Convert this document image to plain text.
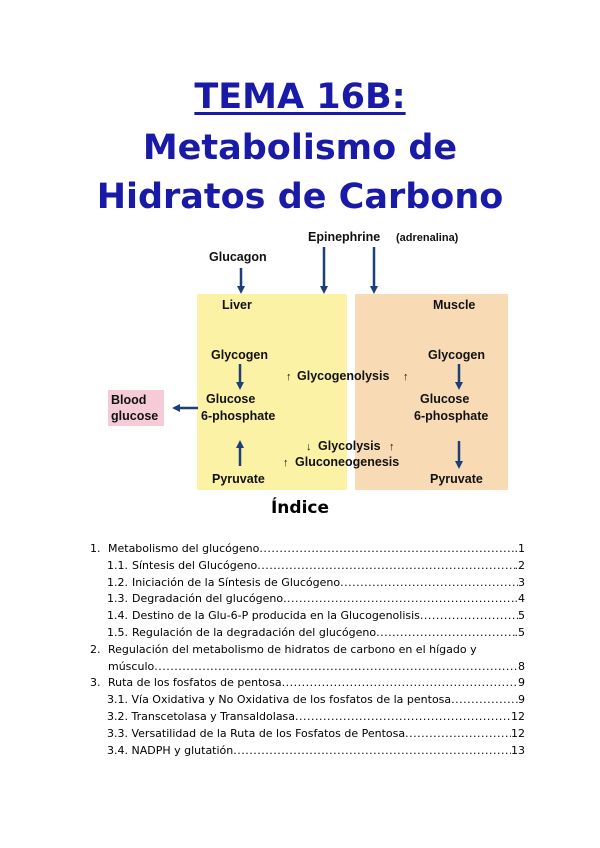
TEMA 16B:
Metabolismo de
Hidratos de Carbono
Epinephrine (adrenalina)
Glucagon
Liver	Muscle
Glycogen	Glycogen
↑ Glycogenolysis ↑
Glucose
6-phosphate
Glucose
6-phosphate
Blood
glucose
↓ Glycolysis ↑
↑ Gluconeogenesis
Pyruvate	Pyruvate
Índice
1. Metabolismo del glucógeno .....	.1
1.1. Síntesis del Glucógeno .....	.2
1.2. Iniciación de la Síntesis de Glucógeno .....	3
1.3. Degradación del glucógeno .....	..4
1.4. Destino de la Glu-6-P producida en la Glucogenolisis .....	5
1.5. Regulación de la degradación del glucógeno .....	.5
2. Regulación del metabolismo de hidratos de carbono en el hígado y
músculo .....	8
3. Ruta de los fosfatos de pentosa .....	9
3.1. Vía Oxidativa y No Oxidativa de los fosfatos de la pentosa .....	9
3.2. Transcetolasa y Transaldolasa .....	12
3.3. Versatilidad de la Ruta de los Fosfatos de Pentosa .....	12
3.4. NADPH y glutatión .....	13
